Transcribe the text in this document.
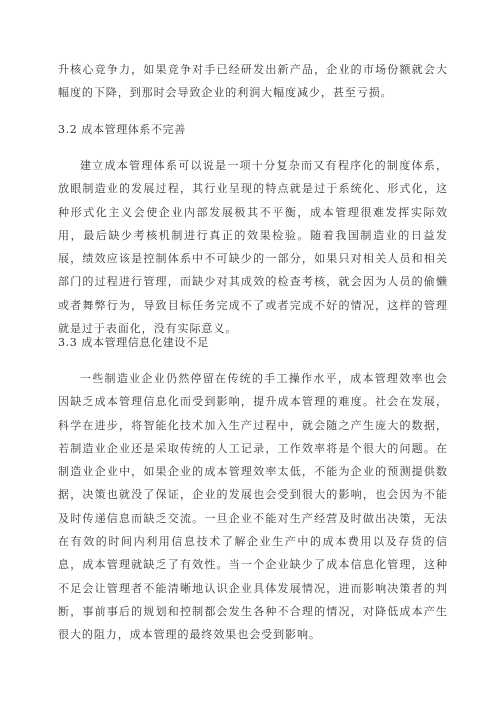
升核心竞争力，如果竞争对手已经研发出新产品，企业的市场份额就会大幅度的下降，到那时会导致企业的利润大幅度减少，甚至亏损。

3.2 成本管理体系不完善

建立成本管理体系可以说是一项十分复杂而又有程序化的制度体系，放眼制造业的发展过程，其行业呈现的特点就是过于系统化、形式化，这种形式化主义会使企业内部发展极其不平衡，成本管理很难发挥实际效用，最后缺少考核机制进行真正的效果检验。随着我国制造业的日益发展，绩效应该是控制体系中不可缺少的一部分，如果只对相关人员和相关部门的过程进行管理，而缺少对其成效的检查考核，就会因为人员的偷懒或者舞弊行为，导致目标任务完成不了或者完成不好的情况，这样的管理就是过于表面化，没有实际意义。

3.3 成本管理信息化建设不足

一些制造业企业仍然停留在传统的手工操作水平，成本管理效率也会因缺乏成本管理信息化而受到影响，提升成本管理的难度。社会在发展，科学在进步，将智能化技术加入生产过程中，就会随之产生庞大的数据，若制造业企业还是采取传统的人工记录，工作效率将是个很大的问题。在制造业企业中，如果企业的成本管理效率太低，不能为企业的预测提供数据，决策也就没了保证，企业的发展也会受到很大的影响，也会因为不能及时传递信息而缺乏交流。一旦企业不能对生产经营及时做出决策，无法在有效的时间内利用信息技术了解企业生产中的成本费用以及存货的信息，成本管理就缺乏了有效性。当一个企业缺少了成本信息化管理，这种不足会让管理者不能清晰地认识企业具体发展情况，进而影响决策者的判断，事前事后的规划和控制都会发生各种不合理的情况，对降低成本产生很大的阻力，成本管理的最终效果也会受到影响。
